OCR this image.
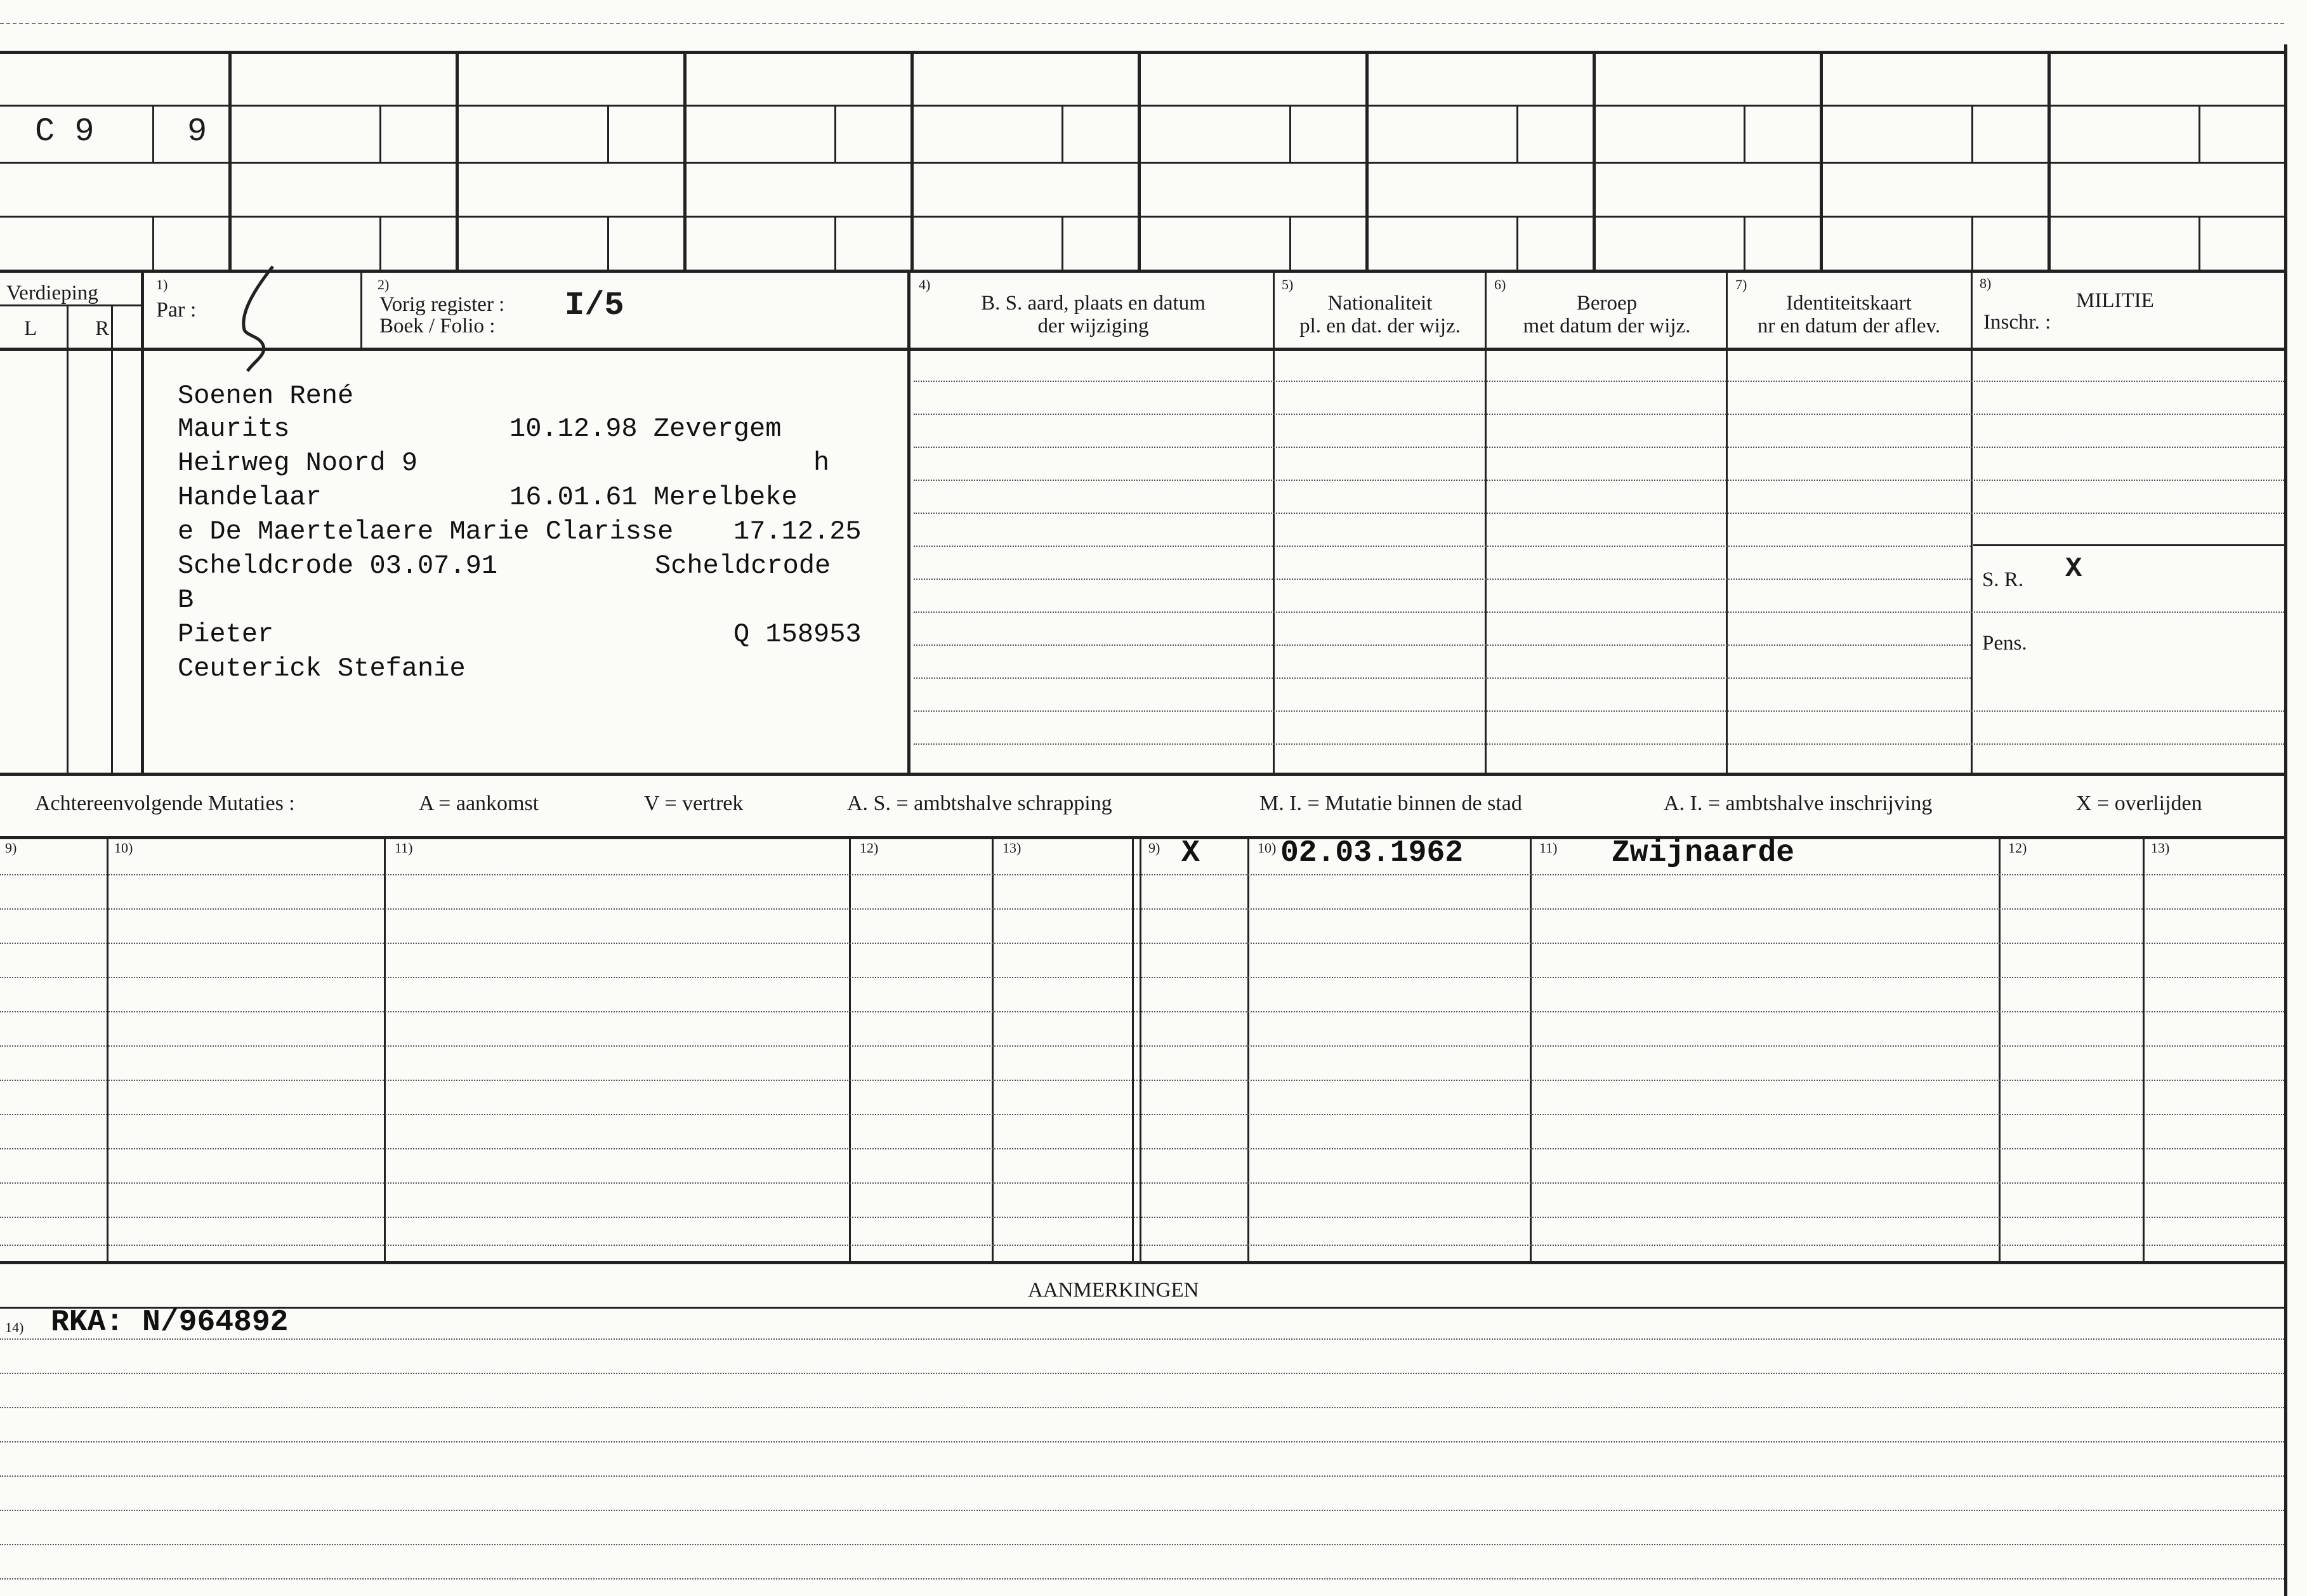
C 9	9
Verdieping
L	R
1)
Par :
2)
Vorig register :
Boek / Folio :
I/5
4)
B. S. aard, plaats en datum
der wijziging
5)
Nationaliteit
pl. en dat. der wijz.
6)
Beroep
met datum der wijz.
7)
Identiteitskaart
nr en datum der aflev.
8)
MILITIE
Inschr. :
S. R. X
Pens.
Soenen René
Maurits	10.12.98 Zevergem
Heirweg Noord 9	h
Handelaar	16.01.61 Merelbeke
e De Maertelaere Marie Clarisse 17.12.25
Scheldcrode 03.07.91	Scheldcrode
B
Pieter	Q 158953
Ceuterick Stefanie
Achtereenvolgende Mutaties :	A = aankomst	V = vertrek	A. S. = ambtshalve schrapping	M. I. = Mutatie binnen de stad	A. I. = ambtshalve inschrijving	X = overlijden
9)	10)	11)	12)	13)	9)	10)	11)	12)	13)
X	02.03.1962	Zwijnaarde
AANMERKINGEN
14) RKA: N/964892
